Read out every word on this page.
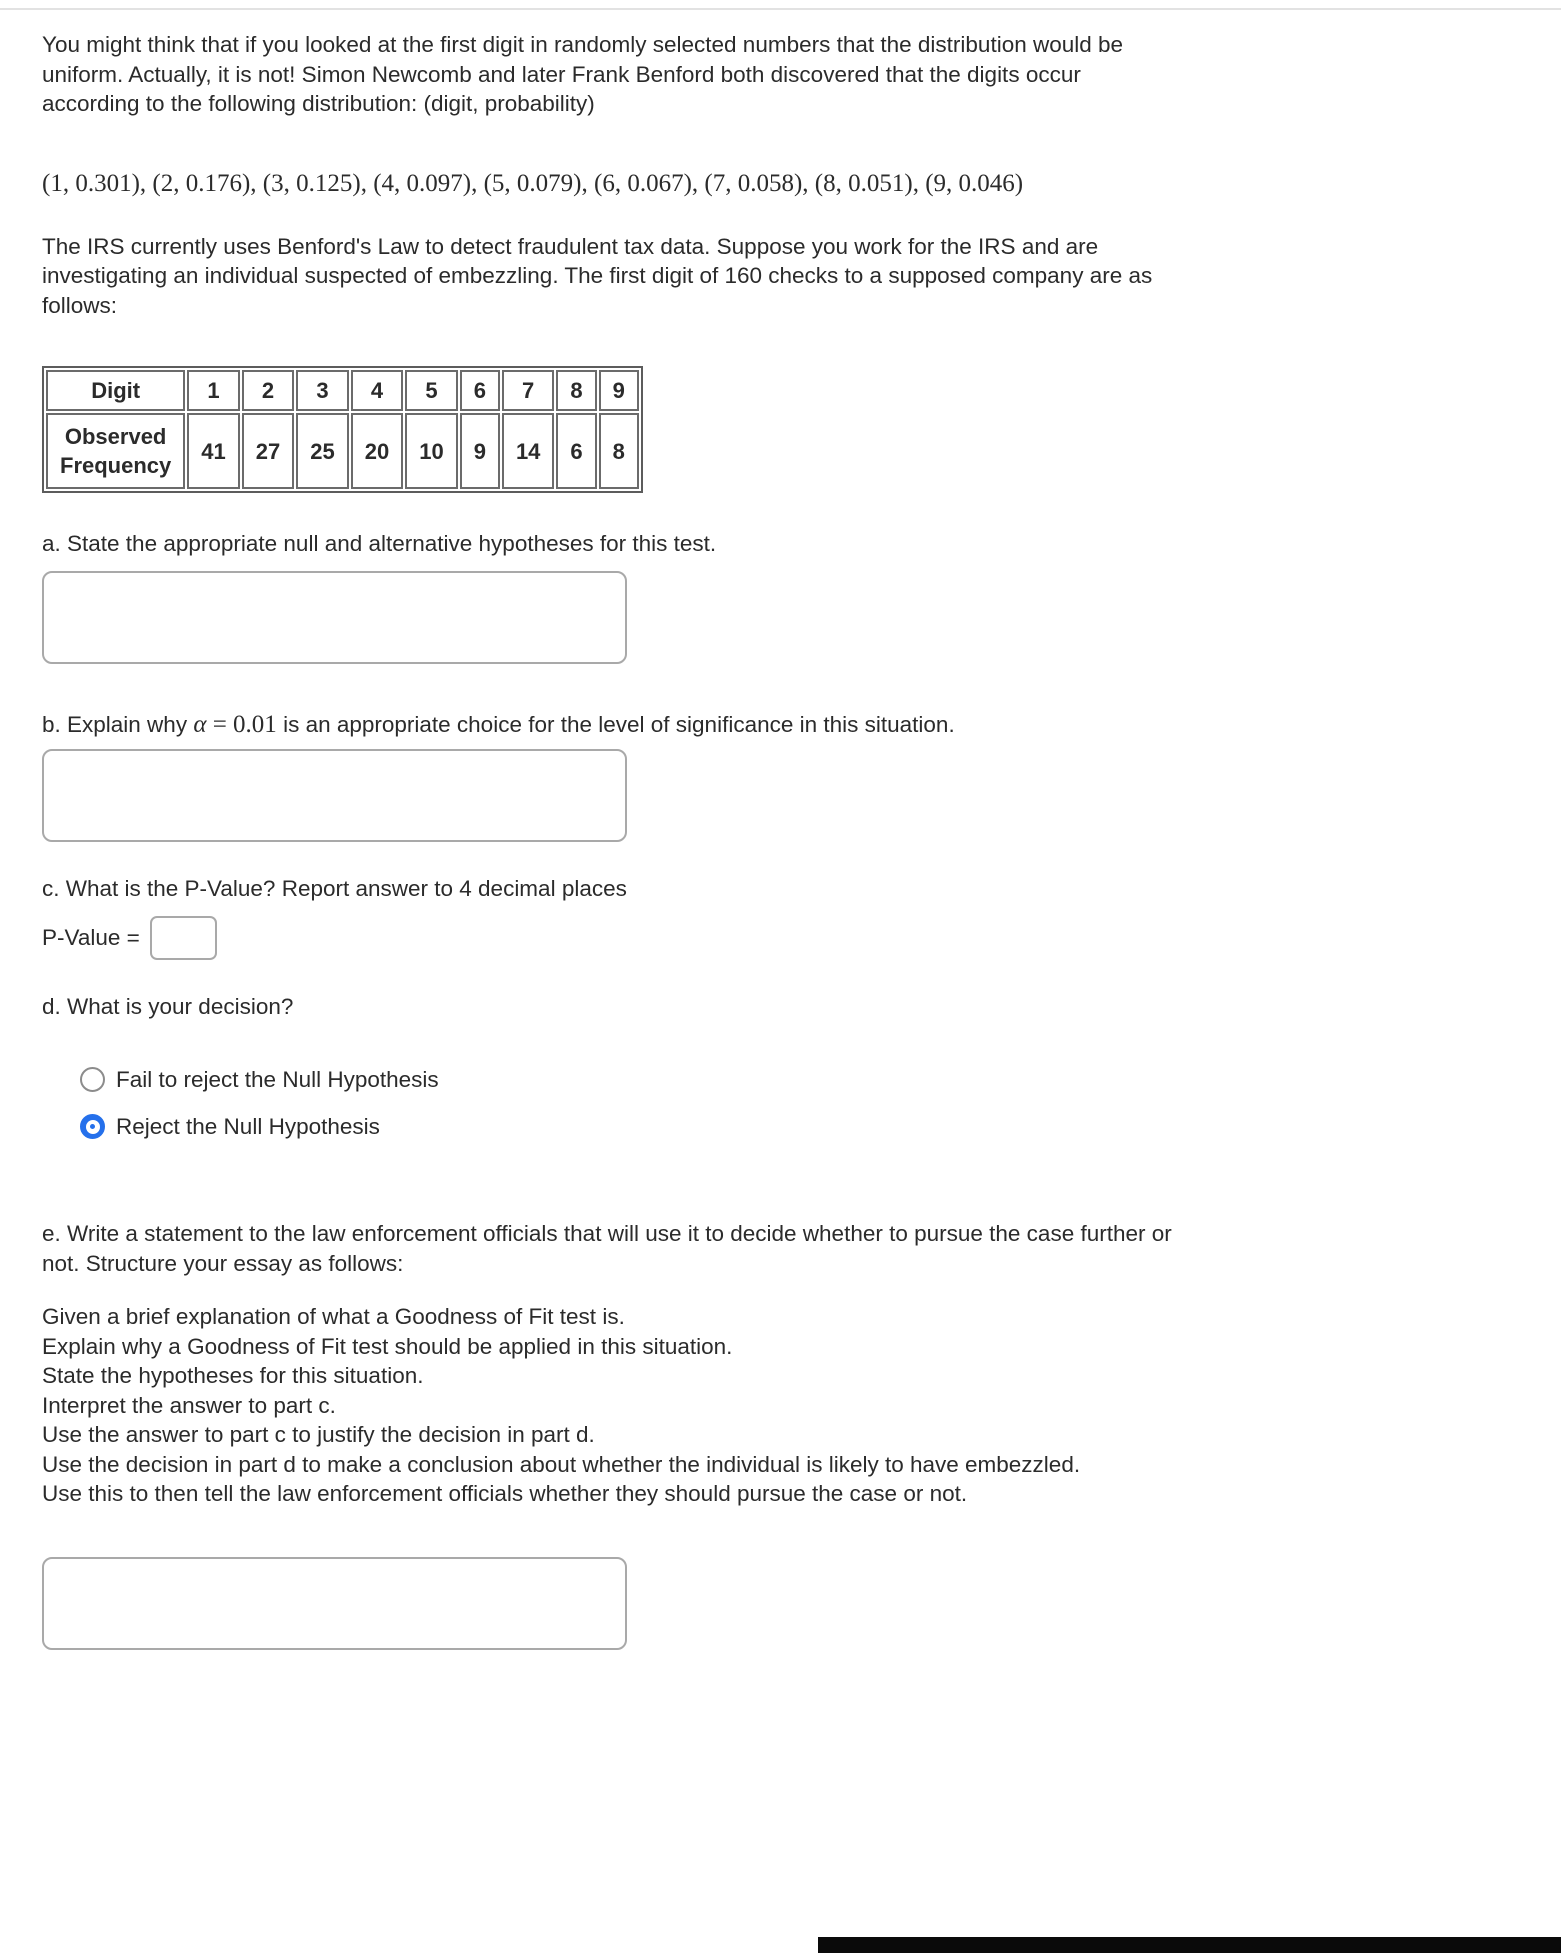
You might think that if you looked at the first digit in randomly selected numbers that the distribution would be uniform. Actually, it is not! Simon Newcomb and later Frank Benford both discovered that the digits occur according to the following distribution: (digit, probability)

(1, 0.301), (2, 0.176), (3, 0.125), (4, 0.097), (5, 0.079), (6, 0.067), (7, 0.058), (8, 0.051), (9, 0.046)

The IRS currently uses Benford's Law to detect fraudulent tax data. Suppose you work for the IRS and are investigating an individual suspected of embezzling. The first digit of 160 checks to a supposed company are as follows:

Digit	1	2	3	4	5	6	7	8	9
Observed Frequency	41	27	25	20	10	9	14	6	8

a. State the appropriate null and alternative hypotheses for this test.

b. Explain why α = 0.01 is an appropriate choice for the level of significance in this situation.

c. What is the P-Value? Report answer to 4 decimal places

P-Value =

d. What is your decision?

Fail to reject the Null Hypothesis
Reject the Null Hypothesis

e. Write a statement to the law enforcement officials that will use it to decide whether to pursue the case further or not. Structure your essay as follows:

Given a brief explanation of what a Goodness of Fit test is.
Explain why a Goodness of Fit test should be applied in this situation.
State the hypotheses for this situation.
Interpret the answer to part c.
Use the answer to part c to justify the decision in part d.
Use the decision in part d to make a conclusion about whether the individual is likely to have embezzled.
Use this to then tell the law enforcement officials whether they should pursue the case or not.
